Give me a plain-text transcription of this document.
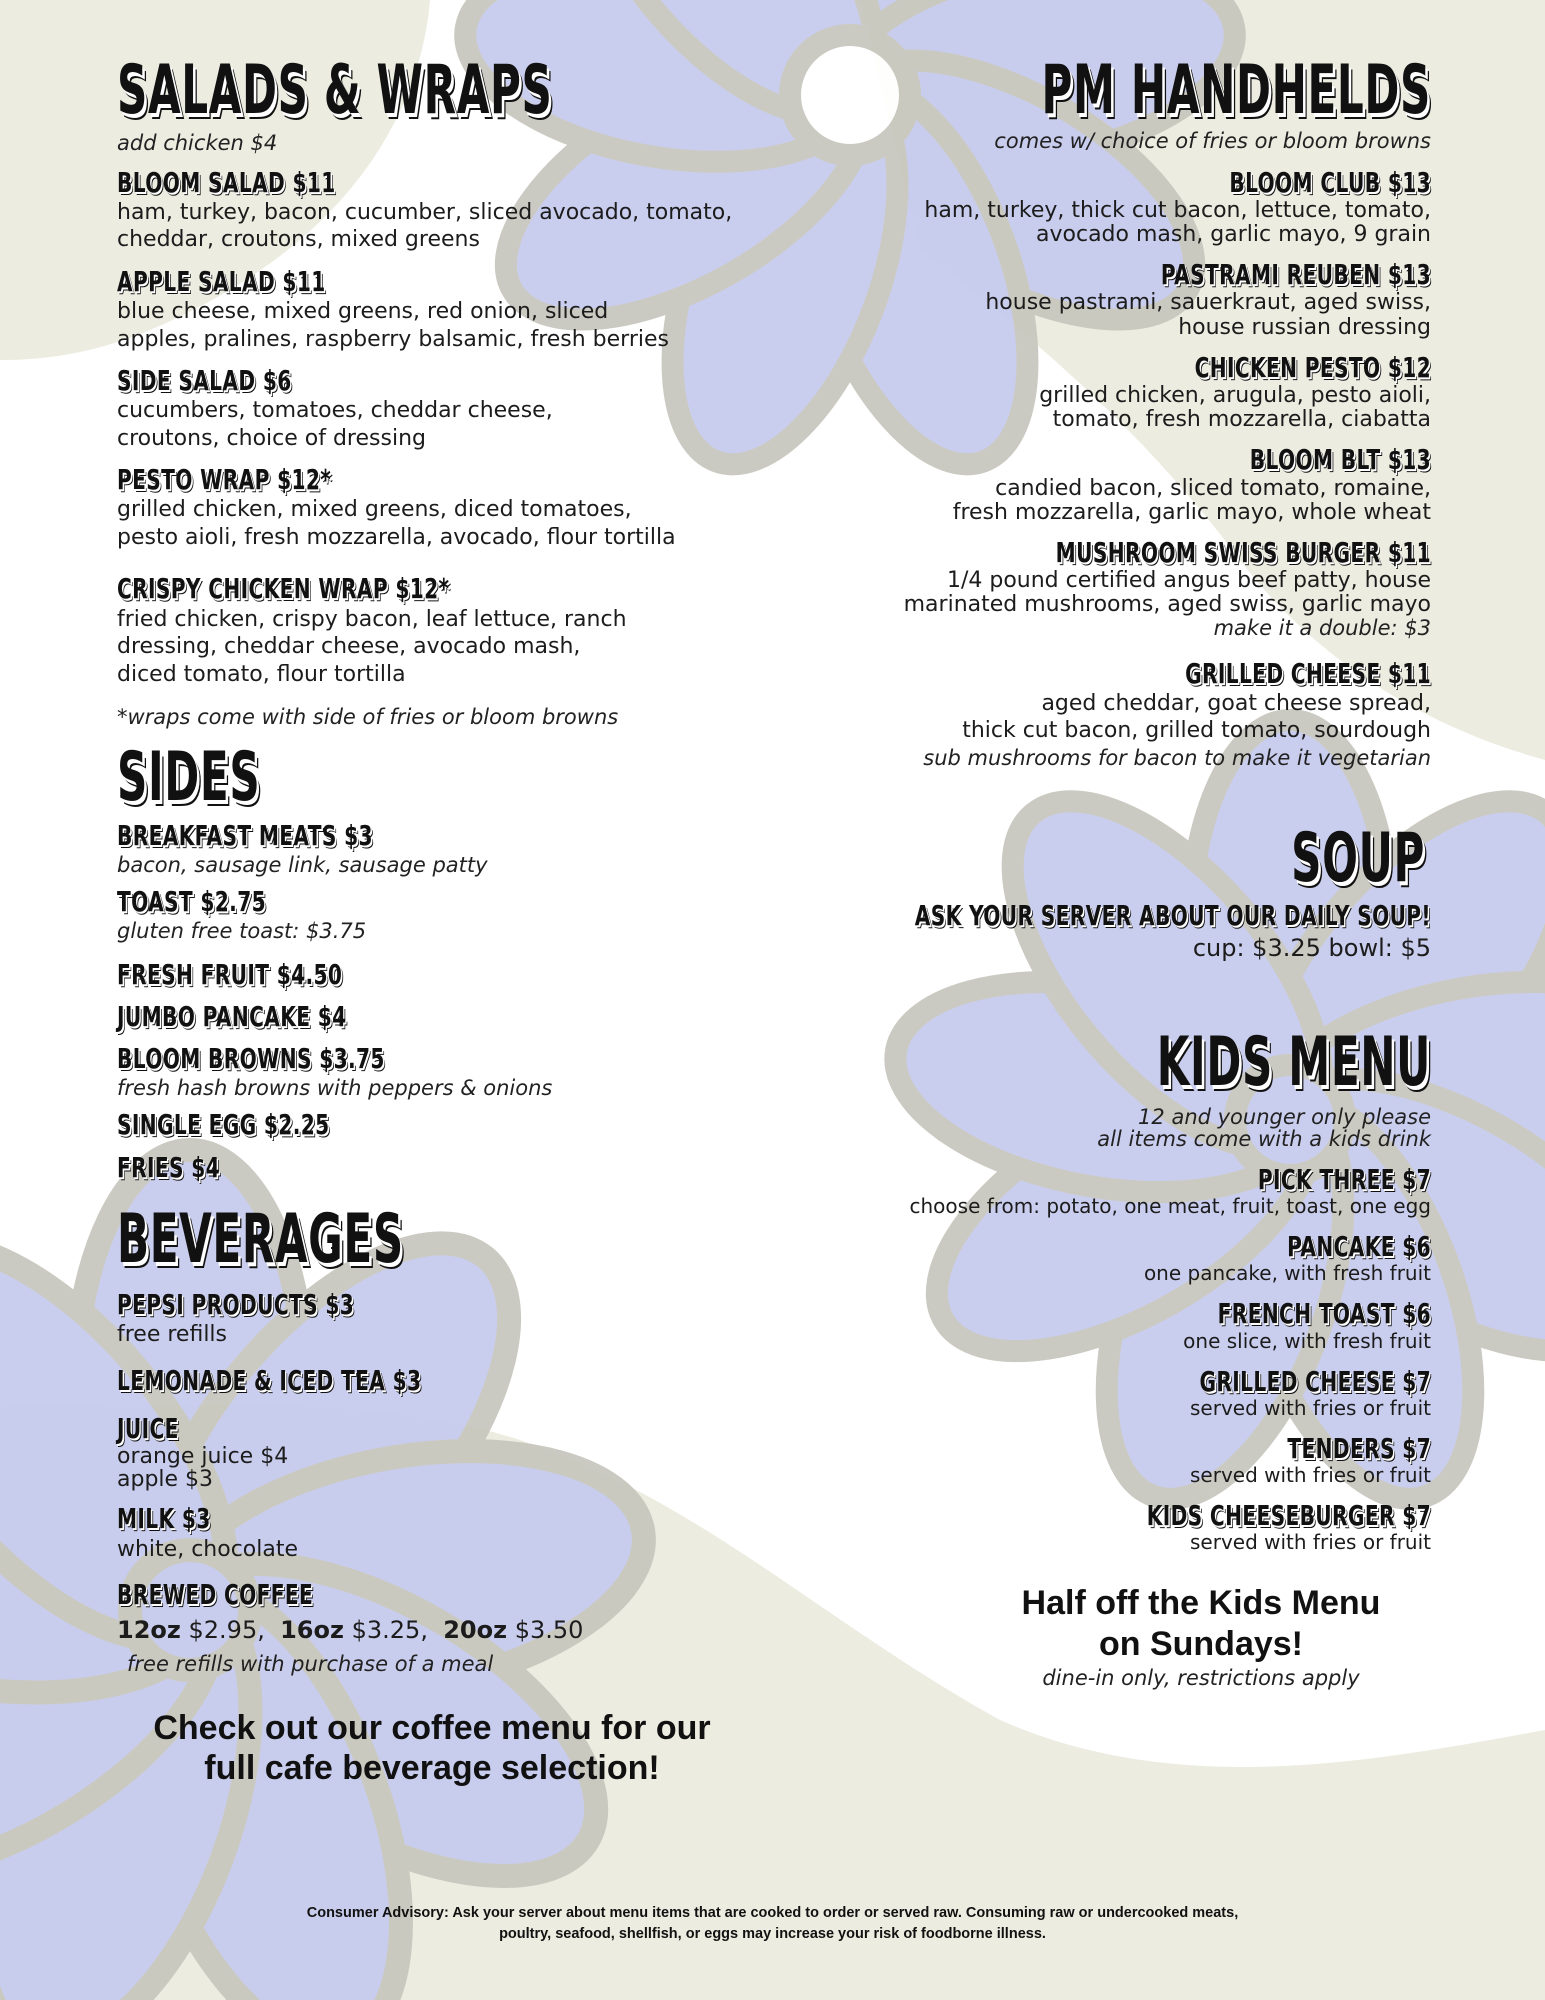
SALADS & WRAPS
add chicken $4
BLOOM SALAD $11
ham, turkey, bacon, cucumber, sliced avocado, tomato,
cheddar, croutons, mixed greens
APPLE SALAD $11
blue cheese, mixed greens, red onion, sliced
apples, pralines, raspberry balsamic, fresh berries
SIDE SALAD $6
cucumbers, tomatoes, cheddar cheese,
croutons, choice of dressing
PESTO WRAP $12*
grilled chicken, mixed greens, diced tomatoes,
pesto aioli, fresh mozzarella, avocado, flour tortilla
CRISPY CHICKEN WRAP $12*
fried chicken, crispy bacon, leaf lettuce, ranch
dressing, cheddar cheese, avocado mash,
diced tomato, flour tortilla
*wraps come with side of fries or bloom browns
SIDES
BREAKFAST MEATS $3
bacon, sausage link, sausage patty
TOAST $2.75
gluten free toast: $3.75
FRESH FRUIT $4.50
JUMBO PANCAKE $4
BLOOM BROWNS $3.75
fresh hash browns with peppers & onions
SINGLE EGG $2.25
FRIES $4
BEVERAGES
PEPSI PRODUCTS $3
free refills
LEMONADE & ICED TEA $3
JUICE
orange juice $4
apple $3
MILK $3
white, chocolate
BREWED COFFEE
12oz $2.95, 16oz $3.25, 20oz $3.50
free refills with purchase of a meal
Check out our coffee menu for our
full cafe beverage selection!
PM HANDHELDS
comes w/ choice of fries or bloom browns
BLOOM CLUB $13
ham, turkey, thick cut bacon, lettuce, tomato,
avocado mash, garlic mayo, 9 grain
PASTRAMI REUBEN $13
house pastrami, sauerkraut, aged swiss,
house russian dressing
CHICKEN PESTO $12
grilled chicken, arugula, pesto aioli,
tomato, fresh mozzarella, ciabatta
BLOOM BLT $13
candied bacon, sliced tomato, romaine,
fresh mozzarella, garlic mayo, whole wheat
MUSHROOM SWISS BURGER $11
1/4 pound certified angus beef patty, house
marinated mushrooms, aged swiss, garlic mayo
make it a double: $3
GRILLED CHEESE $11
aged cheddar, goat cheese spread,
thick cut bacon, grilled tomato, sourdough
sub mushrooms for bacon to make it vegetarian
SOUP
ASK YOUR SERVER ABOUT OUR DAILY SOUP!
cup: $3.25 bowl: $5
KIDS MENU
12 and younger only please
all items come with a kids drink
PICK THREE $7
choose from: potato, one meat, fruit, toast, one egg
PANCAKE $6
one pancake, with fresh fruit
FRENCH TOAST $6
one slice, with fresh fruit
GRILLED CHEESE $7
served with fries or fruit
TENDERS $7
served with fries or fruit
KIDS CHEESEBURGER $7
served with fries or fruit
Half off the Kids Menu
on Sundays!
dine-in only, restrictions apply
Consumer Advisory: Ask your server about menu items that are cooked to order or served raw. Consuming raw or undercooked meats,
poultry, seafood, shellfish, or eggs may increase your risk of foodborne illness.
